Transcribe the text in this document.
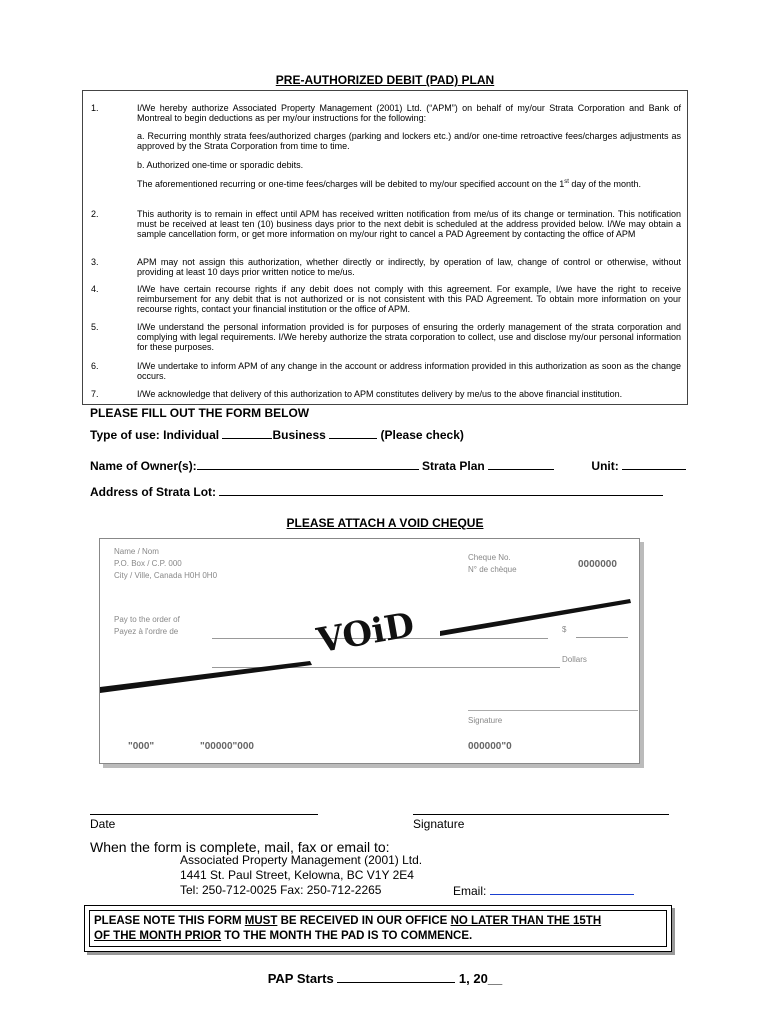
PRE-AUTHORIZED DEBIT (PAD) PLAN
1.	I/We hereby authorize Associated Property Management (2001) Ltd. (“APM”) on behalf of my/our Strata Corporation and Bank of Montreal to begin deductions as per my/our instructions for the following:
a. Recurring monthly strata fees/authorized charges (parking and lockers etc.) and/or one-time retroactive fees/charges adjustments as approved by the Strata Corporation from time to time.
b. Authorized one-time or sporadic debits.
The aforementioned recurring or one-time fees/charges will be debited to my/our specified account on the 1st day of the month.
2.	This authority is to remain in effect until APM has received written notification from me/us of its change or termination. This notification must be received at least ten (10) business days prior to the next debit is scheduled at the address provided below. I/We may obtain a sample cancellation form, or get more information on my/our right to cancel a PAD Agreement by contacting the office of APM
3.	APM may not assign this authorization, whether directly or indirectly, by operation of law, change of control or otherwise, without providing at least 10 days prior written notice to me/us.
4.	I/We have certain recourse rights if any debit does not comply with this agreement. For example, I/we have the right to receive reimbursement for any debit that is not authorized or is not consistent with this PAD Agreement. To obtain more information on your recourse rights, contact your financial institution or the office of APM.
5.	I/We understand the personal information provided is for purposes of ensuring the orderly management of the strata corporation and complying with legal requirements. I/We hereby authorize the strata corporation to collect, use and disclose my/our personal information for these purposes.
6.	I/We undertake to inform APM of any change in the account or address information provided in this authorization as soon as the change occurs.
7.	I/We acknowledge that delivery of this authorization to APM constitutes delivery by me/us to the above financial institution.
PLEASE FILL OUT THE FORM BELOW
Type of use: Individual	Business	(Please check)
Name of Owner(s):	Strata Plan	Unit:
Address of Strata Lot:
PLEASE ATTACH A VOID CHEQUE
Name / Nom
P.O. Box / C.P. 000
City / Ville, Canada H0H 0H0
Cheque No.
N° de chèque	0000000
Pay to the order of
Payez à l'ordre de	$
Dollars
VOiD
Signature
"000"	"00000"000	000000"0
Date	Signature
When the form is complete, mail, fax or email to:
Associated Property Management (2001) Ltd.
1441 St. Paul Street, Kelowna, BC V1Y 2E4
Tel: 250-712-0025 Fax: 250-712-2265	Email:
PLEASE NOTE THIS FORM MUST BE RECEIVED IN OUR OFFICE NO LATER THAN THE 15TH
OF THE MONTH PRIOR TO THE MONTH THE PAD IS TO COMMENCE.
PAP Starts	1, 20__
